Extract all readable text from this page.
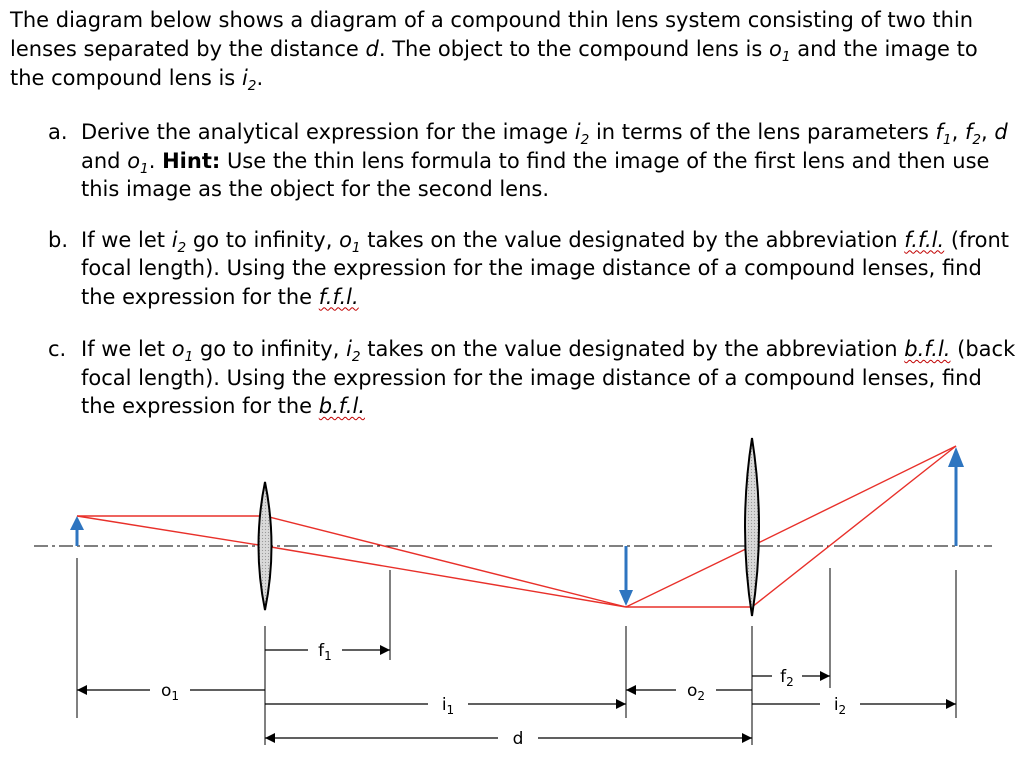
The diagram below shows a diagram of a compound thin lens system consisting of two thin lenses separated by the distance d. The object to the compound lens is $o_1$ and the image to the compound lens is $i_2$.

a. Derive the analytical expression for the image $i_2$ in terms of the lens parameters $f_1$, $f_2$, d and $o_1$. Hint: Use the thin lens formula to find the image of the first lens and then use this image as the object for the second lens.
b. If we let $i_2$ go to infinity, $o_1$ takes on the value designated by the abbreviation f.f.l. (front focal length). Using the expression for the image distance of a compound lenses, find the expression for the f.f.l.
c. If we let $o_1$ go to infinity, $i_2$ takes on the value designated by the abbreviation b.f.l. (back focal length). Using the expression for the image distance of a compound lenses, find the expression for the b.f.l.
$f_1$
$f_2$
$o_1$	$o_2$
$i_1$	$i_2$
d
